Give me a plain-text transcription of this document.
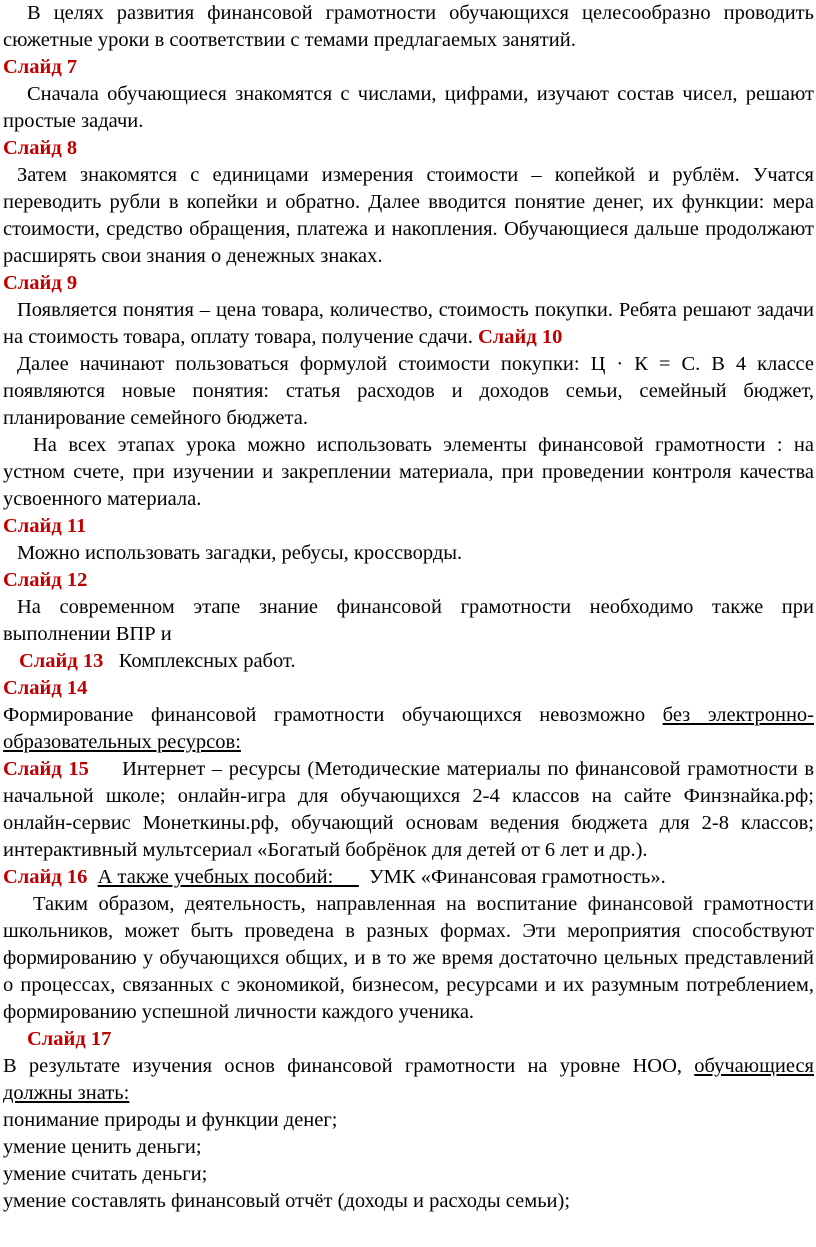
В целях развития финансовой грамотности обучающихся целесообразно проводить сюжетные уроки в соответствии с темами предлагаемых занятий.

Слайд 7

Сначала обучающиеся знакомятся с числами, цифрами, изучают состав чисел, решают простые задачи.

Слайд 8

Затем знакомятся с единицами измерения стоимости – копейкой и рублём. Учатся переводить рубли в копейки и обратно. Далее вводится понятие денег, их функции: мера стоимости, средство обращения, платежа и накопления. Обучающиеся дальше продолжают расширять свои знания о денежных знаках.

Слайд 9

Появляется понятия – цена товара, количество, стоимость покупки. Ребята решают задачи на стоимость товара, оплату товара, получение сдачи. Слайд 10

Далее начинают пользоваться формулой стоимости покупки: Ц · К = С. В 4 классе появляются новые понятия: статья расходов и доходов семьи, семейный бюджет, планирование семейного бюджета.

На всех этапах урока можно использовать элементы финансовой грамотности : на устном счете, при изучении и закреплении материала, при проведении контроля качества усвоенного материала.

Слайд 11

Можно использовать загадки, ребусы, кроссворды.

Слайд 12

На современном этапе знание финансовой грамотности необходимо также при выполнении ВПР и

Слайд 13 Комплексных работ.

Слайд 14

Формирование финансовой грамотности обучающихся невозможно без электронно-образовательных ресурсов:

Слайд 15 Интернет – ресурсы (Методические материалы по финансовой грамотности в начальной школе; онлайн-игра для обучающихся 2-4 классов на сайте Финзнайка.рф; онлайн-сервис Монеткины.рф, обучающий основам ведения бюджета для 2-8 классов; интерактивный мультсериал «Богатый бобрёнок для детей от 6 лет и др.).

Слайд 16 А также учебных пособий: УМК «Финансовая грамотность».

Таким образом, деятельность, направленная на воспитание финансовой грамотности школьников, может быть проведена в разных формах. Эти мероприятия способствуют формированию у обучающихся общих, и в то же время достаточно цельных представлений о процессах, связанных с экономикой, бизнесом, ресурсами и их разумным потреблением, формированию успешной личности каждого ученика.

Слайд 17

В результате изучения основ финансовой грамотности на уровне НОО, обучающиеся должны знать:

понимание природы и функции денег;

умение ценить деньги;

умение считать деньги;

умение составлять финансовый отчёт (доходы и расходы семьи);
